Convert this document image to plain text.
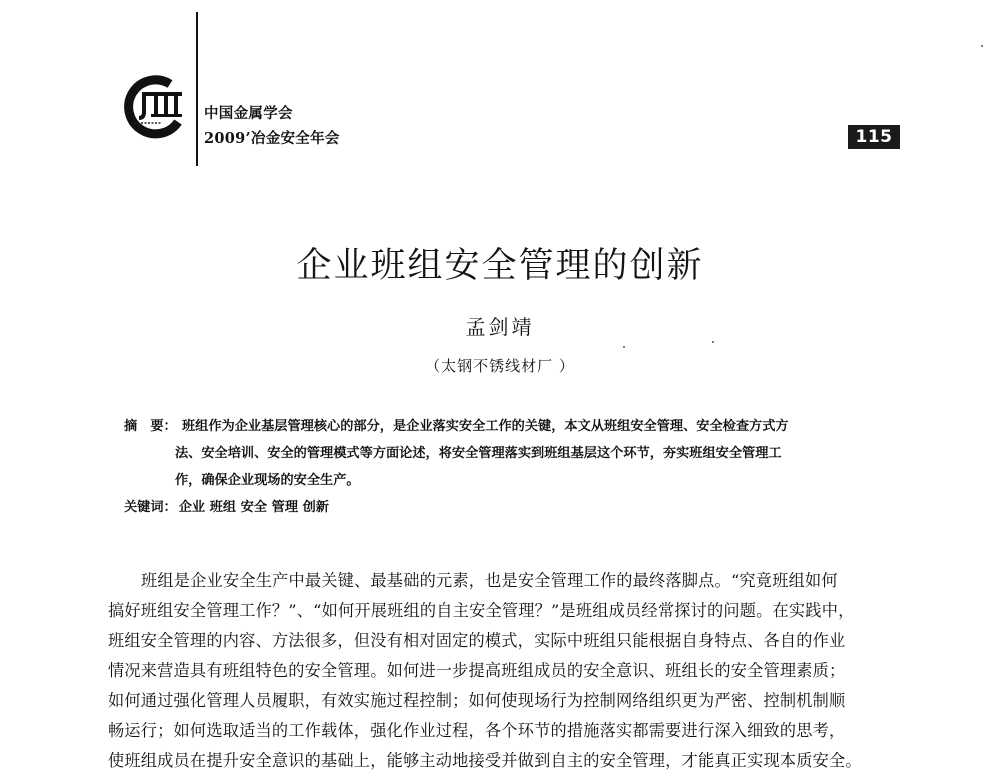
中国金属学会
2009’冶金安全年会	115
企业班组安全管理的创新
孟剑靖
（太钢不锈线材厂 ）
摘　要： 班组作为企业基层管理核心的部分，是企业落实安全工作的关键，本文从班组安全管理、安全检查方式方
法、安全培训、安全的管理模式等方面论述，将安全管理落实到班组基层这个环节，夯实班组安全管理工
作，确保企业现场的安全生产。
关键词： 企业 班组 安全 管理 创新
班组是企业安全生产中最关键、最基础的元素，也是安全管理工作的最终落脚点。“究竟班组如何
搞好班组安全管理工作？”、“如何开展班组的自主安全管理？”是班组成员经常探讨的问题。在实践中，
班组安全管理的内容、方法很多，但没有相对固定的模式，实际中班组只能根据自身特点、各自的作业
情况来营造具有班组特色的安全管理。如何进一步提高班组成员的安全意识、班组长的安全管理素质；
如何通过强化管理人员履职，有效实施过程控制；如何使现场行为控制网络组织更为严密、控制机制顺
畅运行；如何选取适当的工作载体，强化作业过程，各个环节的措施落实都需要进行深入细致的思考，
使班组成员在提升安全意识的基础上，能够主动地接受并做到自主的安全管理，才能真正实现本质安全。
